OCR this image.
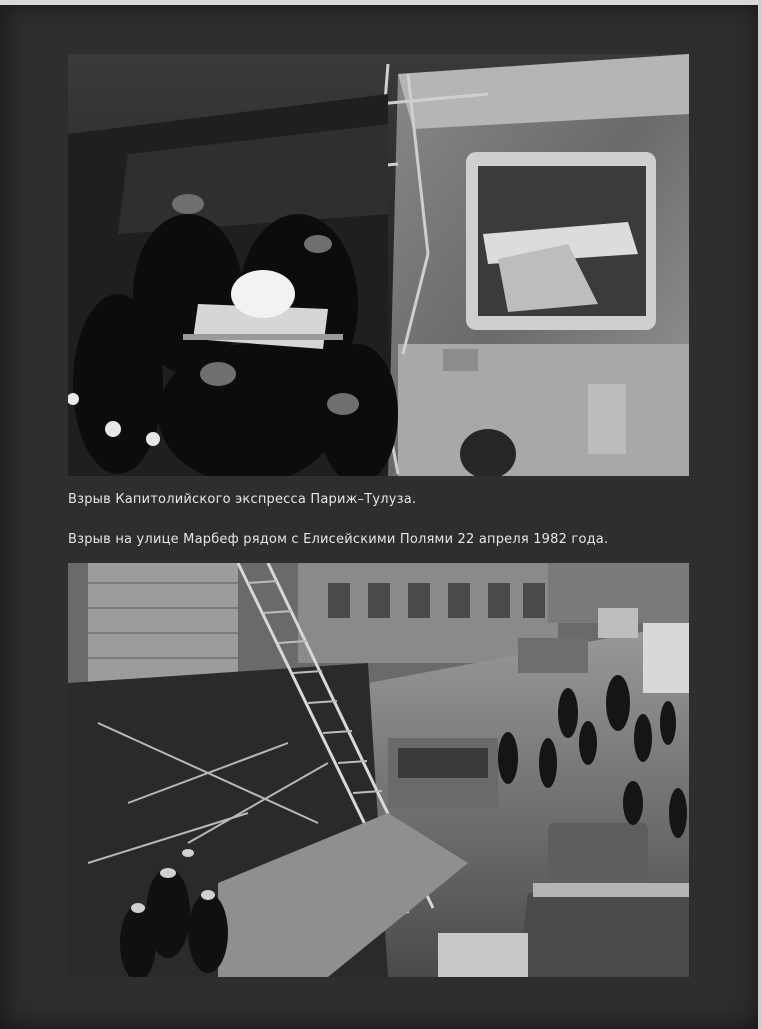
Взрыв Капитолийского экспресса Париж–Тулуза.
Взрыв на улице Марбеф рядом с Елисейскими Полями 22 апреля 1982 года.
